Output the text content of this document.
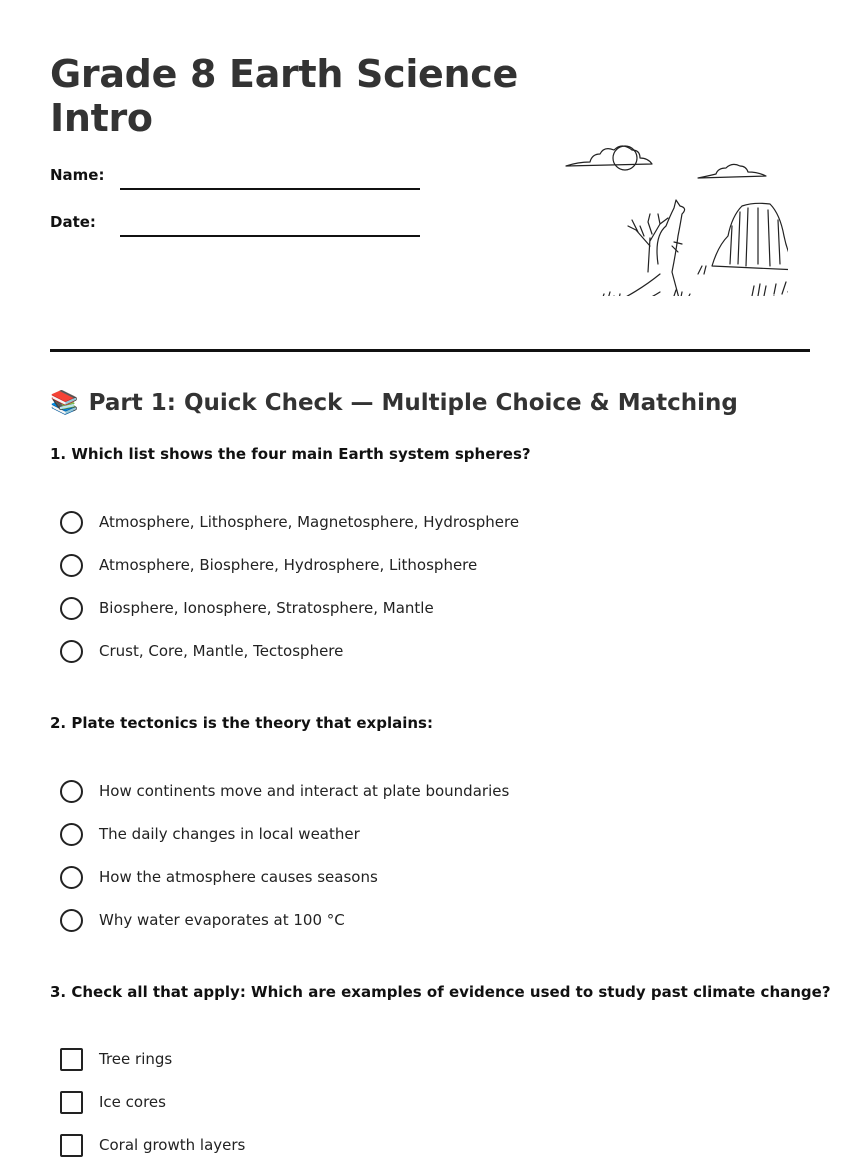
Grade 8 Earth Science Intro
Name:
Date:
📚 Part 1: Quick Check — Multiple Choice & Matching
1. Which list shows the four main Earth system spheres?
Atmosphere, Lithosphere, Magnetosphere, Hydrosphere
Atmosphere, Biosphere, Hydrosphere, Lithosphere
Biosphere, Ionosphere, Stratosphere, Mantle
Crust, Core, Mantle, Tectosphere
2. Plate tectonics is the theory that explains:
How continents move and interact at plate boundaries
The daily changes in local weather
How the atmosphere causes seasons
Why water evaporates at 100 °C
3. Check all that apply: Which are examples of evidence used to study past climate change?
Tree rings
Ice cores
Coral growth layers
